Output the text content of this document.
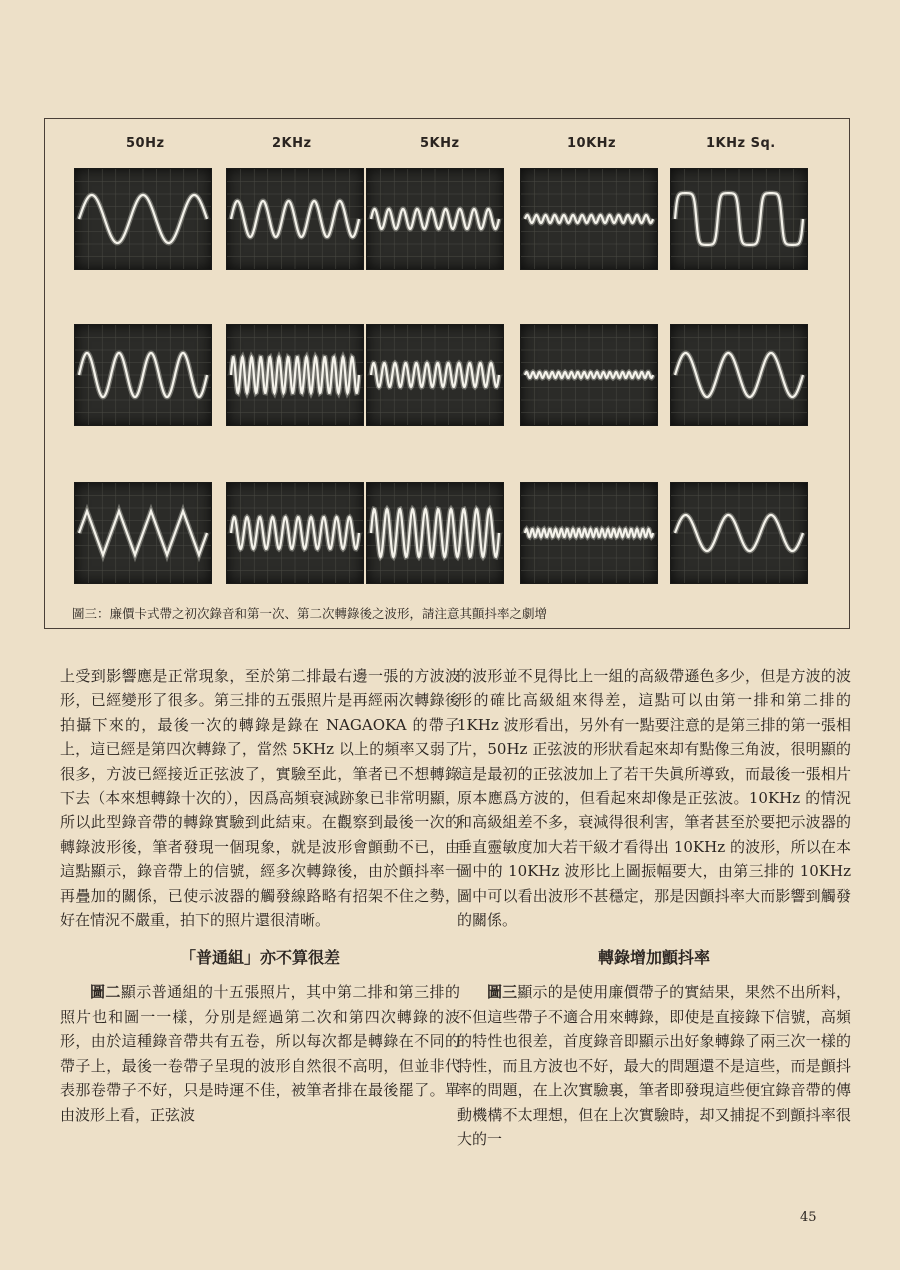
50Hz	2KHz	5KHz	10KHz	1KHz Sq.
圖三：廉價卡式帶之初次錄音和第一次、第二次轉錄後之波形，請注意其顫抖率之劇增

上受到影響應是正常現象，至於第二排最右邊一張的方波波形，已經變形了很多。第三排的五張照片是再經兩次轉錄後拍攝下來的，最後一次的轉錄是錄在 NAGAOKA 的帶子上，這已經是第四次轉錄了，當然 5KHz 以上的頻率又弱了很多，方波已經接近正弦波了，實驗至此，筆者已不想轉錄下去（本來想轉錄十次的），因爲高頻衰減跡象已非常明顯，所以此型錄音帶的轉錄實驗到此結束。在觀察到最後一次的轉錄波形後，筆者發現一個現象，就是波形會顫動不已，由這點顯示，錄音帶上的信號，經多次轉錄後，由於顫抖率一再疊加的關係，已使示波器的觸發線路略有招架不住之勢，好在情況不嚴重，拍下的照片還很清晰。

「普通組」亦不算很差

圖二顯示普通組的十五張照片，其中第二排和第三排的照片也和圖一一樣，分別是經過第二次和第四次轉錄的波形，由於這種錄音帶共有五卷，所以每次都是轉錄在不同的帶子上，最後一卷帶子呈現的波形自然很不高明，但並非代表那卷帶子不好，只是時運不佳，被筆者排在最後罷了。單由波形上看，正弦波

的波形並不見得比上一組的高級帶遜色多少，但是方波的波形的確比高級組來得差，這點可以由第一排和第二排的 1KHz 波形看出，另外有一點要注意的是第三排的第一張相片，50Hz 正弦波的形狀看起來却有點像三角波，很明顯的這是最初的正弦波加上了若干失眞所導致，而最後一張相片原本應爲方波的，但看起來却像是正弦波。10KHz 的情況和高級組差不多，衰減得很利害，筆者甚至於要把示波器的垂直靈敏度加大若干級才看得出 10KHz 的波形，所以在本圖中的 10KHz 波形比上圖振幅要大，由第三排的 10KHz 圖中可以看出波形不甚穩定，那是因顫抖率大而影響到觸發的關係。

轉錄增加顫抖率

圖三顯示的是使用廉價帶子的實結果，果然不出所料，不但這些帶子不適合用來轉錄，即使是直接錄下信號，高頻的特性也很差，首度錄音即顯示出好象轉錄了兩三次一樣的特性，而且方波也不好，最大的問題還不是這些，而是顫抖率的問題，在上次實驗裏，筆者即發現這些便宜錄音帶的傳動機構不太理想，但在上次實驗時，却又捕捉不到顫抖率很大的一

45
